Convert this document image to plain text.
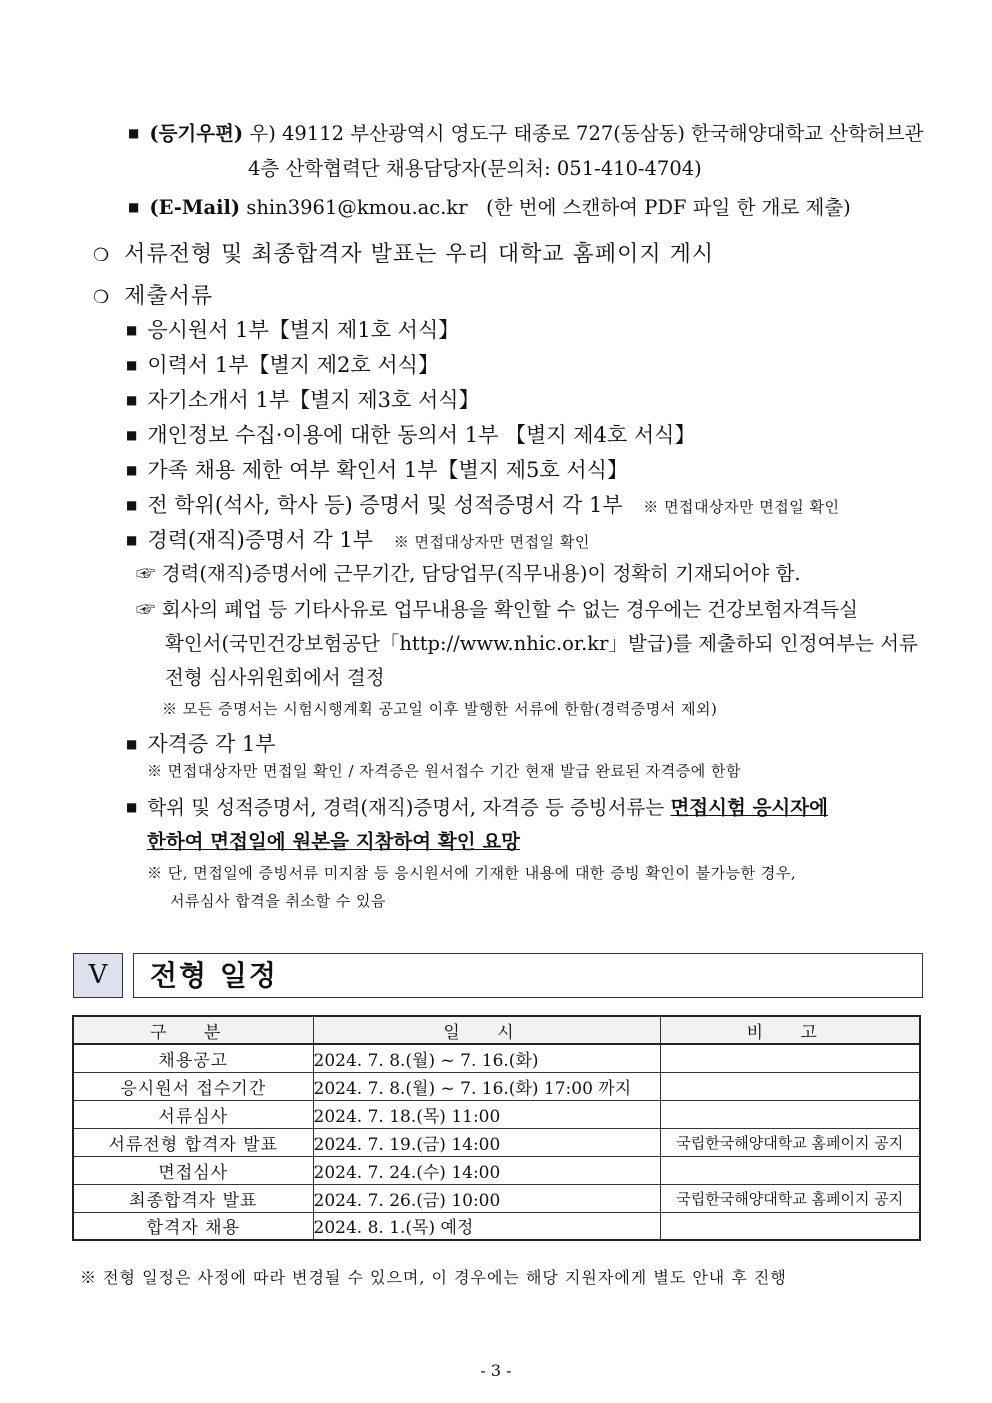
■ (등기우편) 우) 49112 부산광역시 영도구 태종로 727(동삼동) 한국해양대학교 산학허브관
4층 산학협력단 채용담당자(문의처: 051-410-4704)
■ (E-Mail) shin3961@kmou.ac.kr (한 번에 스캔하여 PDF 파일 한 개로 제출)
❍ 서류전형 및 최종합격자 발표는 우리 대학교 홈페이지 게시
❍ 제출서류
■ 응시원서 1부【별지 제1호 서식】
■ 이력서 1부【별지 제2호 서식】
■ 자기소개서 1부【별지 제3호 서식】
■ 개인정보 수집·이용에 대한 동의서 1부 【별지 제4호 서식】
■ 가족 채용 제한 여부 확인서 1부【별지 제5호 서식】
■ 전 학위(석사, 학사 등) 증명서 및 성적증명서 각 1부 ※ 면접대상자만 면접일 확인
■ 경력(재직)증명서 각 1부 ※ 면접대상자만 면접일 확인
☞ 경력(재직)증명서에 근무기간, 담당업무(직무내용)이 정확히 기재되어야 함.
☞ 회사의 폐업 등 기타사유로 업무내용을 확인할 수 없는 경우에는 건강보험자격득실
확인서(국민건강보험공단「http://www.nhic.or.kr」발급)를 제출하되 인정여부는 서류
전형 심사위원회에서 결정
※ 모든 증명서는 시험시행계획 공고일 이후 발행한 서류에 한함(경력증명서 제외)
■ 자격증 각 1부
※ 면접대상자만 면접일 확인 / 자격증은 원서접수 기간 현재 발급 완료된 자격증에 한함
■ 학위 및 성적증명서, 경력(재직)증명서, 자격증 등 증빙서류는 면접시험 응시자에
한하여 면접일에 원본을 지참하여 확인 요망
※ 단, 면접일에 증빙서류 미지참 등 응시원서에 기재한 내용에 대한 증빙 확인이 불가능한 경우,
서류심사 합격을 취소할 수 있음
V	전형 일정
구 분	일 시	비 고
채용공고	2024. 7. 8.(월) ~ 7. 16.(화)	
응시원서 접수기간	2024. 7. 8.(월) ~ 7. 16.(화) 17:00 까지	
서류심사	2024. 7. 18.(목) 11:00	
서류전형 합격자 발표	2024. 7. 19.(금) 14:00	국립한국해양대학교 홈페이지 공지
면접심사	2024. 7. 24.(수) 14:00	
최종합격자 발표	2024. 7. 26.(금) 10:00	국립한국해양대학교 홈페이지 공지
합격자 채용	2024. 8. 1.(목) 예정	
※ 전형 일정은 사정에 따라 변경될 수 있으며, 이 경우에는 해당 지원자에게 별도 안내 후 진행
- 3 -
